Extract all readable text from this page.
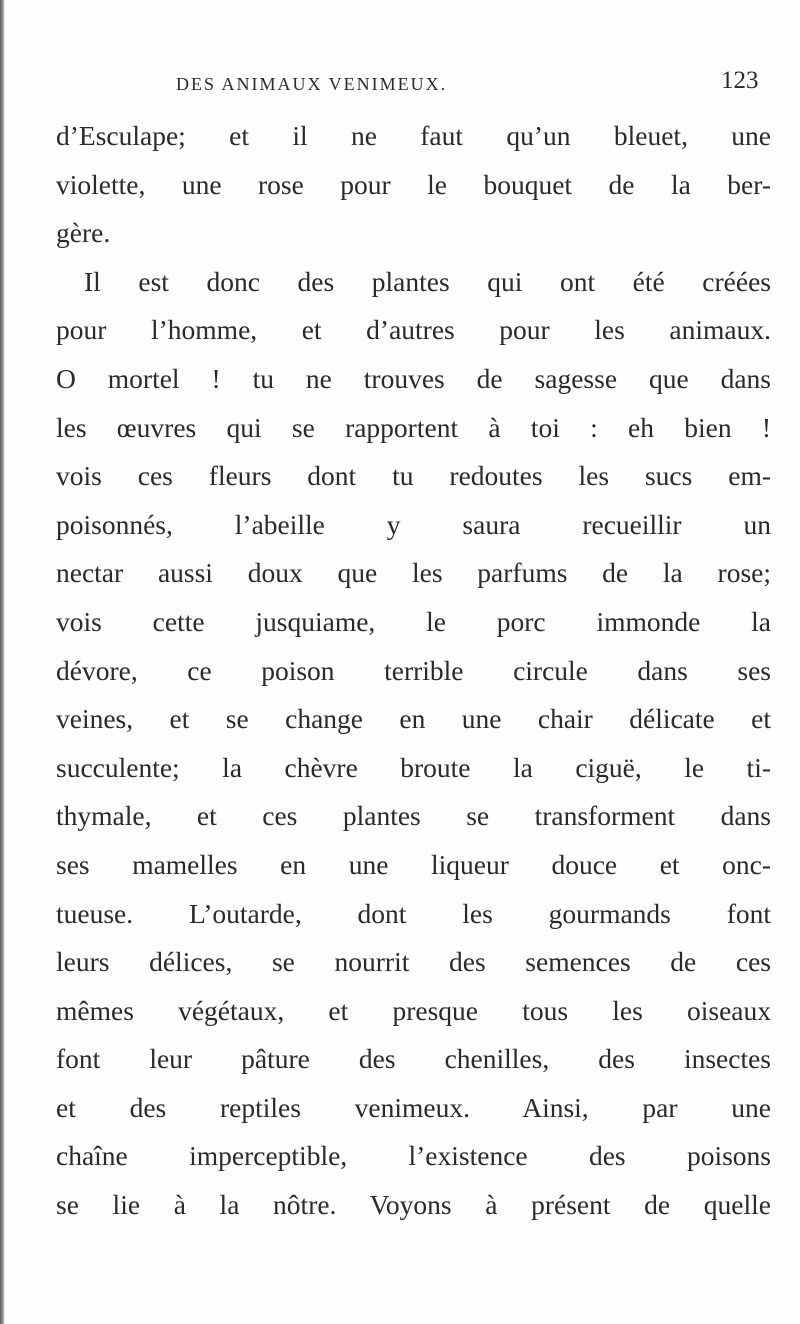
DES ANIMAUX VENIMEUX.	123
d’Esculape; et il ne faut qu’un bleuet, une
violette, une rose pour le bouquet de la ber-
gère.
Il est donc des plantes qui ont été créées
pour l’homme, et d’autres pour les animaux.
O mortel ! tu ne trouves de sagesse que dans
les œuvres qui se rapportent à toi : eh bien !
vois ces fleurs dont tu redoutes les sucs em-
poisonnés, l’abeille y saura recueillir un
nectar aussi doux que les parfums de la rose;
vois cette jusquiame, le porc immonde la
dévore, ce poison terrible circule dans ses
veines, et se change en une chair délicate et
succulente; la chèvre broute la ciguë, le ti-
thymale, et ces plantes se transforment dans
ses mamelles en une liqueur douce et onc-
tueuse. L’outarde, dont les gourmands font
leurs délices, se nourrit des semences de ces
mêmes végétaux, et presque tous les oiseaux
font leur pâture des chenilles, des insectes
et des reptiles venimeux. Ainsi, par une
chaîne imperceptible, l’existence des poisons
se lie à la nôtre. Voyons à présent de quelle
